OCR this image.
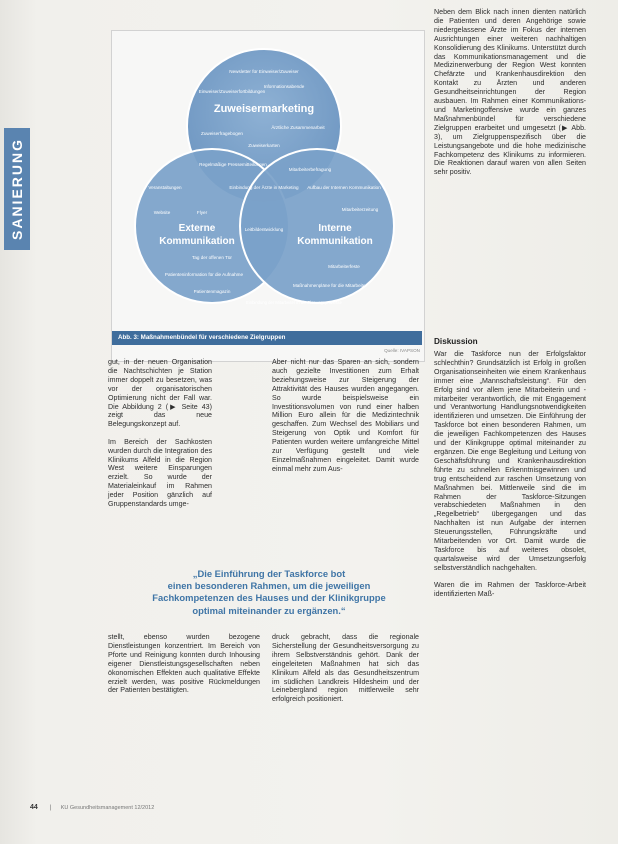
SANIERUNG
Newsletter für Einweiser/Zuweiser
Informationsabende
Einweiser/Zuweiserfortbildungen
Zuweisermarketing
Ärztliche Zusammenarbeit
Zuweiserfragebogen
Zuweiserkarten
Regelmäßige Pressemitteilungen
Mitarbeiterbefragung
Einbindung der Ärzte in Marketing
Veranstaltungen	Aufbau der Internen Kommunikation
Website	Flyer
Mitarbeiterzeitung
Externe
Kommunikation
Interne
Kommunikation
Leitbildentwicklung
Tag der offenen Tür
Mitarbeiterfeste
Patienteninformation für die Aufnahme
Patientenmagazin
Maßnahmenpläne für die Mitarbeiter
Einbindung der Mitarbeiter in die Planungsprozesse
Abb. 3: Maßnahmenbündel für verschiedene Zielgruppen
Quelle: IVAPSON

gut, in der neuen Organisation die Nachtschichten je Station immer doppelt zu besetzen, was vor der organisatorischen Optimierung nicht der Fall war. Die Abbildung 2 (▶ Seite 43) zeigt das neue Belegungskonzept auf.

Im Bereich der Sachkosten wurden durch die Integration des Klinikums Alfeld in die Region West weitere Einsparungen erzielt. So wurde der Materialeinkauf im Rahmen jeder Position gänzlich auf Gruppenstandards umge-

Aber nicht nur das Sparen an sich, sondern auch gezielte Investitionen zum Erhalt beziehungsweise zur Steigerung der Attraktivität des Hauses wurden angegangen. So wurde beispielsweise ein Investitionsvolumen von rund einer halben Million Euro allein für die Medizintechnik geschaffen. Zum Wechsel des Mobiliars und Steigerung von Optik und Komfort für Patienten wurden weitere umfangreiche Mittel zur Verfügung gestellt und viele Einzelmaßnahmen eingeleitet. Damit wurde einmal mehr zum Aus-

Neben dem Blick nach innen dienten natürlich die Patienten und deren Angehörige sowie niedergelassene Ärzte im Fokus der internen Ausrichtungen einer weiteren nachhaltigen Konsolidierung des Klinikums. Unterstützt durch das Kommunikationsmanagement und die Medizinerwerbung der Region West konnten Chefärzte und Krankenhausdirektion den Kontakt zu Ärzten und anderen Gesundheitseinrichtungen der Region ausbauen. Im Rahmen einer Kommunikations- und Marketingoffensive wurde ein ganzes Maßnahmenbündel für verschiedene Zielgruppen erarbeitet und umgesetzt (▶ Abb. 3), um Zielgruppenspezifisch über die Leistungsangebote und die hohe medizinische Fachkompetenz des Klinikums zu informieren. Die Reaktionen darauf waren von allen Seiten sehr positiv.

Diskussion

War die Taskforce nun der Erfolgsfaktor schlechthin? Grundsätzlich ist Erfolg in großen Organisationseinheiten wie einem Krankenhaus immer eine „Mannschaftsleistung“. Für den Erfolg sind vor allem jene Mitarbeiterin und -mitarbeiter verantwortlich, die mit Engagement und Verantwortung Handlungsnotwendigkeiten identifizieren und umsetzen. Die Einführung der Taskforce bot einen besonderen Rahmen, um die jeweiligen Fachkompetenzen des Hauses und der Klinikgruppe optimal miteinander zu ergänzen. Die enge Begleitung und Leitung von Geschäftsführung und Krankenhausdirektion führte zu schnellen Erkenntnisgewinnen und trug entscheidend zur raschen Umsetzung von Maßnahmen bei. Mittlerweile sind die im Rahmen der Taskforce-Sitzungen verabschiedeten Maßnahmen in den „Regelbetrieb“ übergegangen und das Nachhalten ist nun Aufgabe der internen Steuerungsstellen, Führungskräfte und Mitarbeitenden vor Ort. Damit wurde die Taskforce bis auf weiteres obsolet, quartalsweise wird der Umsetzungserfolg selbstverständlich nachgehalten.

Waren die im Rahmen der Taskforce-Arbeit identifizierten Maß-

„Die Einführung der Taskforce bot
einen besonderen Rahmen, um die jeweiligen
Fachkompetenzen des Hauses und der Klinikgruppe
optimal miteinander zu ergänzen.“

stellt, ebenso wurden bezogene Dienstleistungen konzentriert. Im Bereich von Pforte und Reinigung konnten durch Inhousing eigener Dienstleistungsgesellschaften neben ökonomischen Effekten auch qualitative Effekte erzielt werden, was positive Rückmeldungen der Patienten bestätigten.

druck gebracht, dass die regionale Sicherstellung der Gesundheitsversorgung zu ihrem Selbstverständnis gehört. Dank der eingeleiteten Maßnahmen hat sich das Klinikum Alfeld als das Gesundheitszentrum im südlichen Landkreis Hildesheim und der Leinebergland region mittlerweile sehr erfolgreich positioniert.

44 | KU Gesundheitsmanagement 12/2012
